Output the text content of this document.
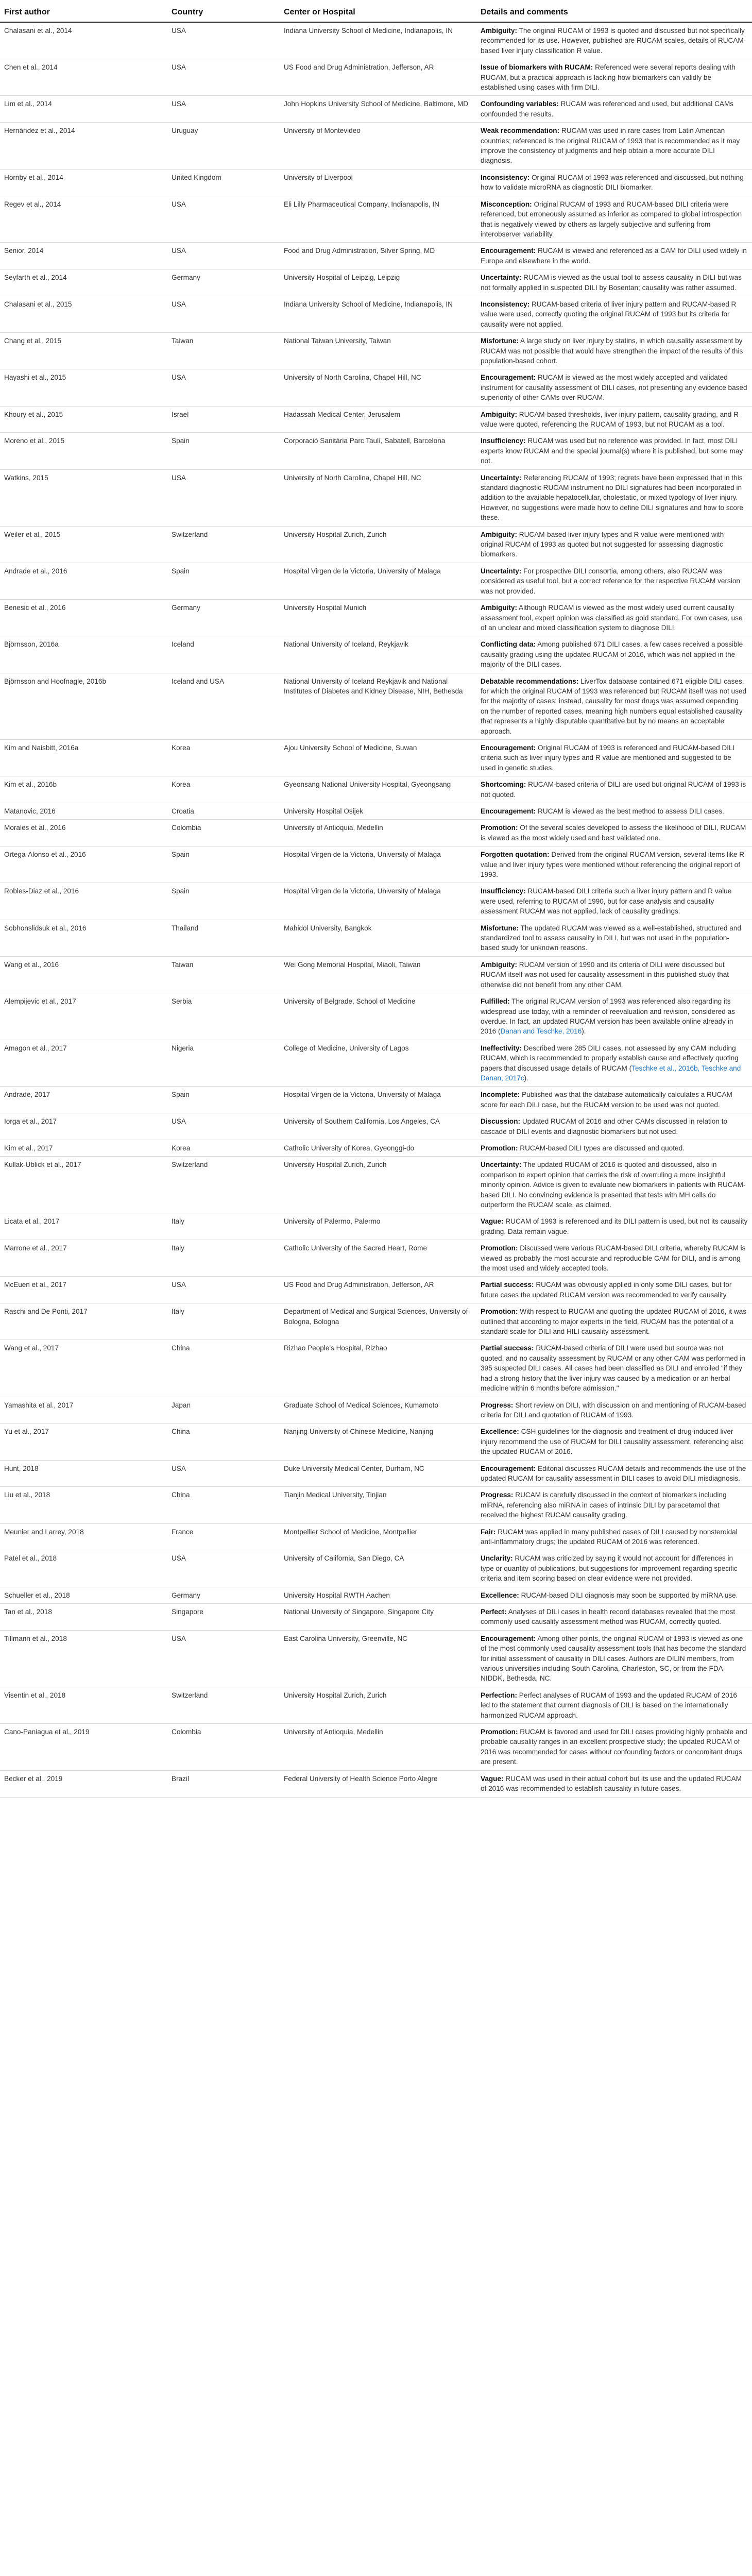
First author	Country	Center or Hospital	Details and comments
Chalasani et al., 2014	USA	Indiana University School of Medicine, Indianapolis, IN	Ambiguity: The original RUCAM of 1993 is quoted and discussed but not specifically recommended for its use. However, published are RUCAM scales, details of RUCAM-based liver injury classification R value.
Chen et al., 2014	USA	US Food and Drug Administration, Jefferson, AR	Issue of biomarkers with RUCAM: Referenced were several reports dealing with RUCAM, but a practical approach is lacking how biomarkers can validly be established using cases with firm DILI.
Lim et al., 2014	USA	John Hopkins University School of Medicine, Baltimore, MD	Confounding variables: RUCAM was referenced and used, but additional CAMs confounded the results.
Hernández et al., 2014	Uruguay	University of Montevideo	Weak recommendation: RUCAM was used in rare cases from Latin American countries; referenced is the original RUCAM of 1993 that is recommended as it may improve the consistency of judgments and help obtain a more accurate DILI diagnosis.
Hornby et al., 2014	United Kingdom	University of Liverpool	Inconsistency: Original RUCAM of 1993 was referenced and discussed, but nothing how to validate microRNA as diagnostic DILI biomarker.
Regev et al., 2014	USA	Eli Lilly Pharmaceutical Company, Indianapolis, IN	Misconception: Original RUCAM of 1993 and RUCAM-based DILI criteria were referenced, but erroneously assumed as inferior as compared to global introspection that is negatively viewed by others as largely subjective and suffering from interobserver variability.
Senior, 2014	USA	Food and Drug Administration, Silver Spring, MD	Encouragement: RUCAM is viewed and referenced as a CAM for DILI used widely in Europe and elsewhere in the world.
Seyfarth et al., 2014	Germany	University Hospital of Leipzig, Leipzig	Uncertainty: RUCAM is viewed as the usual tool to assess causality in DILI but was not formally applied in suspected DILI by Bosentan; causality was rather assumed.
Chalasani et al., 2015	USA	Indiana University School of Medicine, Indianapolis, IN	Inconsistency: RUCAM-based criteria of liver injury pattern and RUCAM-based R value were used, correctly quoting the original RUCAM of 1993 but its criteria for causality were not applied.
Chang et al., 2015	Taiwan	National Taiwan University, Taiwan	Misfortune: A large study on liver injury by statins, in which causality assessment by RUCAM was not possible that would have strengthen the impact of the results of this population-based cohort.
Hayashi et al., 2015	USA	University of North Carolina, Chapel Hill, NC	Encouragement: RUCAM is viewed as the most widely accepted and validated instrument for causality assessment of DILI cases, not presenting any evidence based superiority of other CAMs over RUCAM.
Khoury et al., 2015	Israel	Hadassah Medical Center, Jerusalem	Ambiguity: RUCAM-based thresholds, liver injury pattern, causality grading, and R value were quoted, referencing the RUCAM of 1993, but not RUCAM as a tool.
Moreno et al., 2015	Spain	Corporació Sanitària Parc Taulí, Sabatell, Barcelona	Insufficiency: RUCAM was used but no reference was provided. In fact, most DILI experts know RUCAM and the special journal(s) where it is published, but some may not.
Watkins, 2015	USA	University of North Carolina, Chapel Hill, NC	Uncertainty: Referencing RUCAM of 1993; regrets have been expressed that in this standard diagnostic RUCAM instrument no DILI signatures had been incorporated in addition to the available hepatocellular, cholestatic, or mixed typology of liver injury. However, no suggestions were made how to define DILI signatures and how to score these.
Weiler et al., 2015	Switzerland	University Hospital Zurich, Zurich	Ambiguity: RUCAM-based liver injury types and R value were mentioned with original RUCAM of 1993 as quoted but not suggested for assessing diagnostic biomarkers.
Andrade et al., 2016	Spain	Hospital Virgen de la Victoria, University of Malaga	Uncertainty: For prospective DILI consortia, among others, also RUCAM was considered as useful tool, but a correct reference for the respective RUCAM version was not provided.
Benesic et al., 2016	Germany	University Hospital Munich	Ambiguity: Although RUCAM is viewed as the most widely used current causality assessment tool, expert opinion was classified as gold standard. For own cases, use of an unclear and mixed classification system to diagnose DILI.
Björnsson, 2016a	Iceland	National University of Iceland, Reykjavik	Conflicting data: Among published 671 DILI cases, a few cases received a possible causality grading using the updated RUCAM of 2016, which was not applied in the majority of the DILI cases.
Björnsson and Hoofnagle, 2016b	Iceland and USA	National University of Iceland Reykjavik and National Institutes of Diabetes and Kidney Disease, NIH, Bethesda	Debatable recommendations: LiverTox database contained 671 eligible DILI cases, for which the original RUCAM of 1993 was referenced but RUCAM itself was not used for the majority of cases; instead, causality for most drugs was assumed depending on the number of reported cases, meaning high numbers equal established causality that represents a highly disputable quantitative but by no means an acceptable approach.
Kim and Naisbitt, 2016a	Korea	Ajou University School of Medicine, Suwan	Encouragement: Original RUCAM of 1993 is referenced and RUCAM-based DILI criteria such as liver injury types and R value are mentioned and suggested to be used in genetic studies.
Kim et al., 2016b	Korea	Gyeonsang National University Hospital, Gyeongsang	Shortcoming: RUCAM-based criteria of DILI are used but original RUCAM of 1993 is not quoted.
Matanovic, 2016	Croatia	University Hospital Osijek	Encouragement: RUCAM is viewed as the best method to assess DILI cases.
Morales et al., 2016	Colombia	University of Antioquia, Medellin	Promotion: Of the several scales developed to assess the likelihood of DILI, RUCAM is viewed as the most widely used and best validated one.
Ortega-Alonso et al., 2016	Spain	Hospital Virgen de la Victoria, University of Malaga	Forgotten quotation: Derived from the original RUCAM version, several items like R value and liver injury types were mentioned without referencing the original report of 1993.
Robles-Diaz et al., 2016	Spain	Hospital Virgen de la Victoria, University of Malaga	Insufficiency: RUCAM-based DILI criteria such a liver injury pattern and R value were used, referring to RUCAM of 1990, but for case analysis and causality assessment RUCAM was not applied, lack of causality gradings.
Sobhonslidsuk et al., 2016	Thailand	Mahidol University, Bangkok	Misfortune: The updated RUCAM was viewed as a well-established, structured and standardized tool to assess causality in DILI, but was not used in the population-based study for unknown reasons.
Wang et al., 2016	Taiwan	Wei Gong Memorial Hospital, Miaoli, Taiwan	Ambiguity: RUCAM version of 1990 and its criteria of DILI were discussed but RUCAM itself was not used for causality assessment in this published study that otherwise did not benefit from any other CAM.
Alempijevic et al., 2017	Serbia	University of Belgrade, School of Medicine	Fulfilled: The original RUCAM version of 1993 was referenced also regarding its widespread use today, with a reminder of reevaluation and revision, considered as overdue. In fact, an updated RUCAM version has been available online already in 2016 (Danan and Teschke, 2016).
Amagon et al., 2017	Nigeria	College of Medicine, University of Lagos	Ineffectivity: Described were 285 DILI cases, not assessed by any CAM including RUCAM, which is recommended to properly establish cause and effectively quoting papers that discussed usage details of RUCAM (Teschke et al., 2016b, Teschke and Danan, 2017c).
Andrade, 2017	Spain	Hospital Virgen de la Victoria, University of Malaga	Incomplete: Published was that the database automatically calculates a RUCAM score for each DILI case, but the RUCAM version to be used was not quoted.
Iorga et al., 2017	USA	University of Southern California, Los Angeles, CA	Discussion: Updated RUCAM of 2016 and other CAMs discussed in relation to cascade of DILI events and diagnostic biomarkers but not used.
Kim et al., 2017	Korea	Catholic University of Korea, Gyeonggi-do	Promotion: RUCAM-based DILI types are discussed and quoted.
Kullak-Ublick et al., 2017	Switzerland	University Hospital Zurich, Zurich	Uncertainty: The updated RUCAM of 2016 is quoted and discussed, also in comparison to expert opinion that carries the risk of overruling a more insightful minority opinion. Advice is given to evaluate new biomarkers in patients with RUCAM-based DILI. No convincing evidence is presented that tests with MH cells do outperform the RUCAM scale, as claimed.
Licata et al., 2017	Italy	University of Palermo, Palermo	Vague: RUCAM of 1993 is referenced and its DILI pattern is used, but not its causality grading. Data remain vague.
Marrone et al., 2017	Italy	Catholic University of the Sacred Heart, Rome	Promotion: Discussed were various RUCAM-based DILI criteria, whereby RUCAM is viewed as probably the most accurate and reproducible CAM for DILI, and is among the most used and widely accepted tools.
McEuen et al., 2017	USA	US Food and Drug Administration, Jefferson, AR	Partial success: RUCAM was obviously applied in only some DILI cases, but for future cases the updated RUCAM version was recommended to verify causality.
Raschi and De Ponti, 2017	Italy	Department of Medical and Surgical Sciences, University of Bologna, Bologna	Promotion: With respect to RUCAM and quoting the updated RUCAM of 2016, it was outlined that according to major experts in the field, RUCAM has the potential of a standard scale for DILI and HILI causality assessment.
Wang et al., 2017	China	Rizhao People's Hospital, Rizhao	Partial success: RUCAM-based criteria of DILI were used but source was not quoted, and no causality assessment by RUCAM or any other CAM was performed in 395 suspected DILI cases. All cases had been classified as DILI and enrolled "if they had a strong history that the liver injury was caused by a medication or an herbal medicine within 6 months before admission."
Yamashita et al., 2017	Japan	Graduate School of Medical Sciences, Kumamoto	Progress: Short review on DILI, with discussion on and mentioning of RUCAM-based criteria for DILI and quotation of RUCAM of 1993.
Yu et al., 2017	China	Nanjing University of Chinese Medicine, Nanjing	Excellence: CSH guidelines for the diagnosis and treatment of drug-induced liver injury recommend the use of RUCAM for DILI causality assessment, referencing also the updated RUCAM of 2016.
Hunt, 2018	USA	Duke University Medical Center, Durham, NC	Encouragement: Editorial discusses RUCAM details and recommends the use of the updated RUCAM for causality assessment in DILI cases to avoid DILI misdiagnosis.
Liu et al., 2018	China	Tianjin Medical University, Tinjian	Progress: RUCAM is carefully discussed in the context of biomarkers including miRNA, referencing also miRNA in cases of intrinsic DILI by paracetamol that received the highest RUCAM causality grading.
Meunier and Larrey, 2018	France	Montpellier School of Medicine, Montpellier	Fair: RUCAM was applied in many published cases of DILI caused by nonsteroidal anti-inflammatory drugs; the updated RUCAM of 2016 was referenced.
Patel et al., 2018	USA	University of California, San Diego, CA	Unclarity: RUCAM was criticized by saying it would not account for differences in type or quantity of publications, but suggestions for improvement regarding specific criteria and item scoring based on clear evidence were not provided.
Schueller et al., 2018	Germany	University Hospital RWTH Aachen	Excellence: RUCAM-based DILI diagnosis may soon be supported by miRNA use.
Tan et al., 2018	Singapore	National University of Singapore, Singapore City	Perfect: Analyses of DILI cases in health record databases revealed that the most commonly used causality assessment method was RUCAM, correctly quoted.
Tillmann et al., 2018	USA	East Carolina University, Greenville, NC	Encouragement: Among other points, the original RUCAM of 1993 is viewed as one of the most commonly used causality assessment tools that has become the standard for initial assessment of causality in DILI cases. Authors are DILIN members, from various universities including South Carolina, Charleston, SC, or from the FDA-NIDDK, Bethesda, NC.
Visentin et al., 2018	Switzerland	University Hospital Zurich, Zurich	Perfection: Perfect analyses of RUCAM of 1993 and the updated RUCAM of 2016 led to the statement that current diagnosis of DILI is based on the internationally harmonized RUCAM approach.
Cano-Paniagua et al., 2019	Colombia	University of Antioquia, Medellin	Promotion: RUCAM is favored and used for DILI cases providing highly probable and probable causality ranges in an excellent prospective study; the updated RUCAM of 2016 was recommended for cases without confounding factors or concomitant drugs are present.
Becker et al., 2019	Brazil	Federal University of Health Science Porto Alegre	Vague: RUCAM was used in their actual cohort but its use and the updated RUCAM of 2016 was recommended to establish causality in future cases.
